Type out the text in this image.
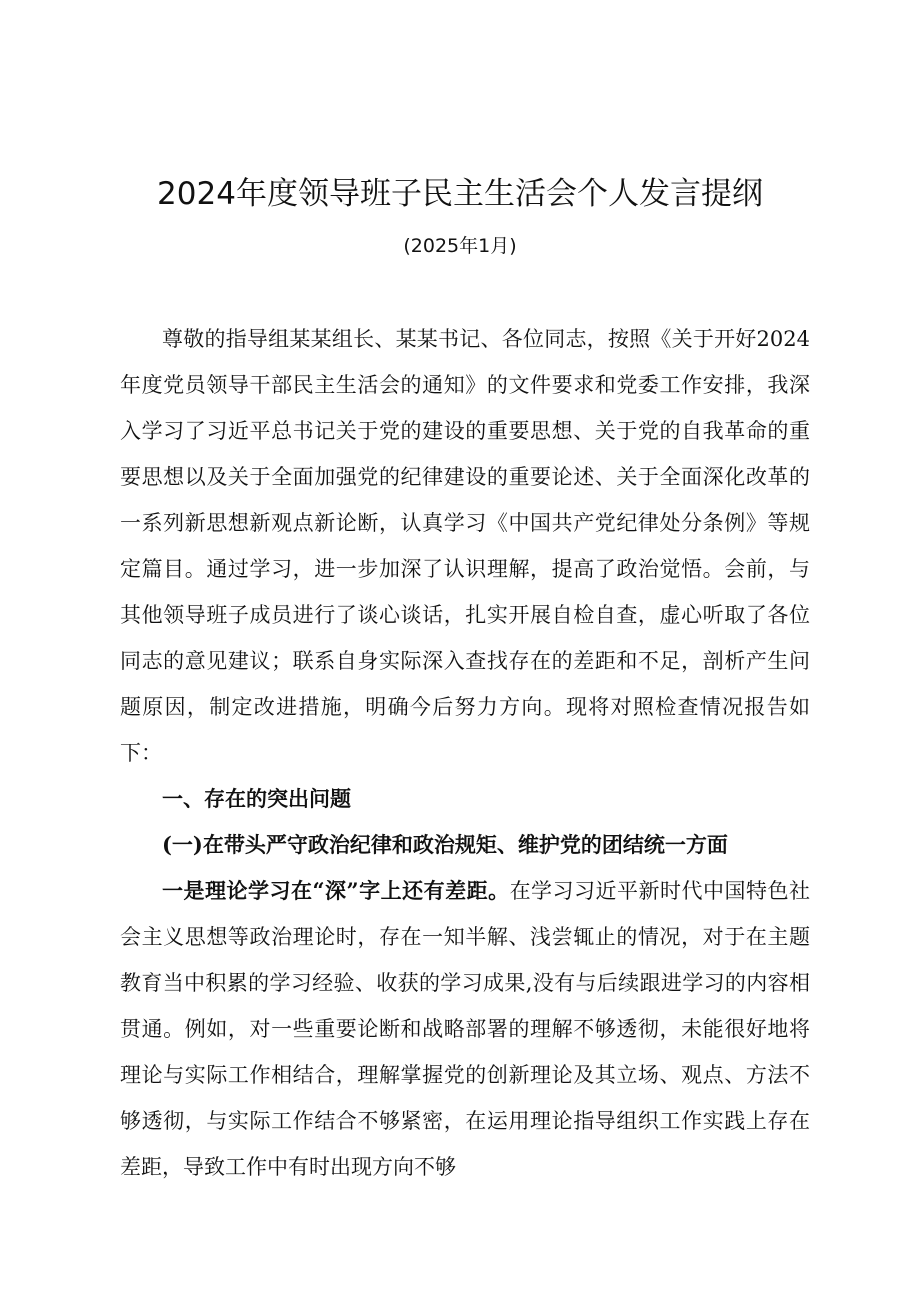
2024年度领导班子民主生活会个人发言提纲
(2025年1月)

尊敬的指导组某某组长、某某书记、各位同志，按照《关于开好2024年度党员领导干部民主生活会的通知》的文件要求和党委工作安排，我深入学习了习近平总书记关于党的建设的重要思想、关于党的自我革命的重要思想以及关于全面加强党的纪律建设的重要论述、关于全面深化改革的一系列新思想新观点新论断，认真学习《中国共产党纪律处分条例》等规定篇目。通过学习，进一步加深了认识理解，提高了政治觉悟。会前，与其他领导班子成员进行了谈心谈话，扎实开展自检自查，虚心听取了各位同志的意见建议；联系自身实际深入查找存在的差距和不足，剖析产生问题原因，制定改进措施，明确今后努力方向。现将对照检查情况报告如下：

一、存在的突出问题

(一)在带头严守政治纪律和政治规矩、维护党的团结统一方面

一是理论学习在“深”字上还有差距。在学习习近平新时代中国特色社会主义思想等政治理论时，存在一知半解、浅尝辄止的情况，对于在主题教育当中积累的学习经验、收获的学习成果,没有与后续跟进学习的内容相贯通。例如，对一些重要论断和战略部署的理解不够透彻，未能很好地将理论与实际工作相结合，理解掌握党的创新理论及其立场、观点、方法不够透彻，与实际工作结合不够紧密，在运用理论指导组织工作实践上存在差距，导致工作中有时出现方向不够
